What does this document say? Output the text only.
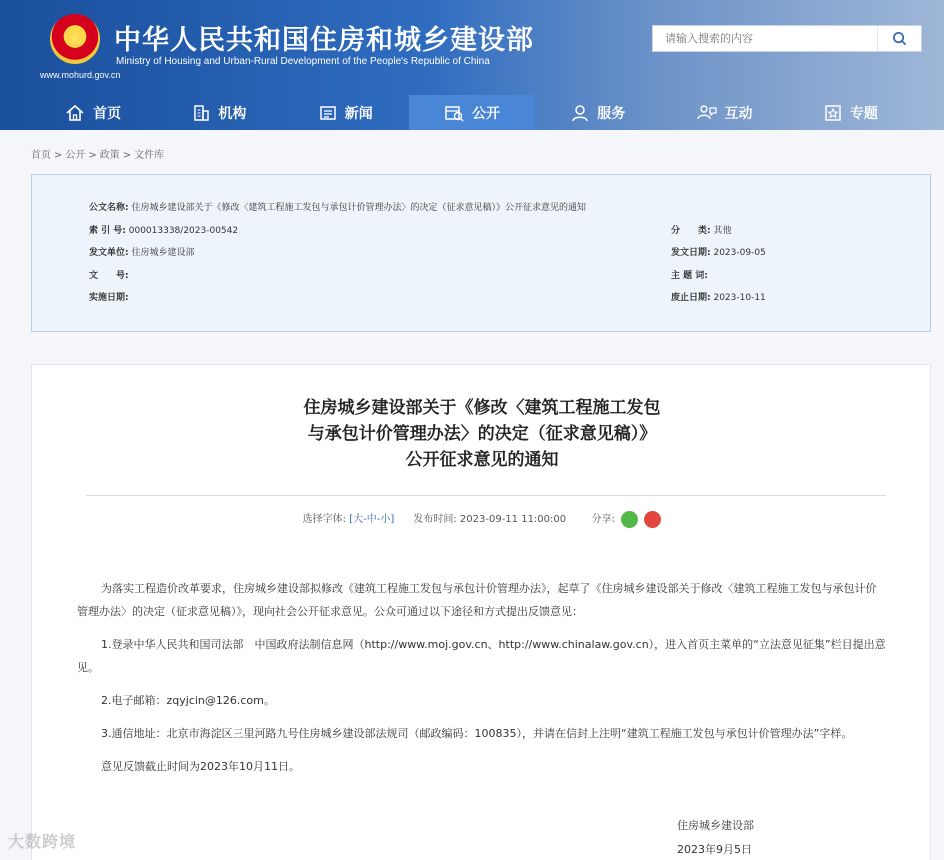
★
www.mohurd.gov.cn
中华人民共和国住房和城乡建设部
Ministry of Housing and Urban-Rural Development of the People's Republic of China
请输入搜索的内容
首页	机构	新闻	公开	服务	互动	专题
首页 > 公开 > 政策 > 文件库
公文名称: 住房城乡建设部关于《修改〈建筑工程施工发包与承包计价管理办法〉的决定（征求意见稿）》公开征求意见的通知
索 引 号: 000013338/2023-00542
发文单位: 住房城乡建设部
文　　号:
实施日期:
分　　类: 其他
发文日期: 2023-09-05
主 题 词:
废止日期: 2023-10-11
住房城乡建设部关于《修改〈建筑工程施工发包
与承包计价管理办法〉的决定（征求意见稿）》
公开征求意见的通知
选择字体: [大-中-小] 发布时间: 2023-09-11 11:00:00	分享:

为落实工程造价改革要求，住房城乡建设部拟修改《建筑工程施工发包与承包计价管理办法》，起草了《住房城乡建设部关于修改〈建筑工程施工发包与承包计价管理办法〉的决定（征求意见稿）》，现向社会公开征求意见。公众可通过以下途径和方式提出反馈意见：

1.登录中华人民共和国司法部　中国政府法制信息网（http://www.moj.gov.cn、http://www.chinalaw.gov.cn），进入首页主菜单的“立法意见征集”栏目提出意见。

2.电子邮箱：zqyjcin@126.com。

3.通信地址：北京市海淀区三里河路九号住房城乡建设部法规司（邮政编码：100835），并请在信封上注明“建筑工程施工发包与承包计价管理办法”字样。

意见反馈截止时间为2023年10月11日。

住房城乡建设部
2023年9月5日
大数跨境
